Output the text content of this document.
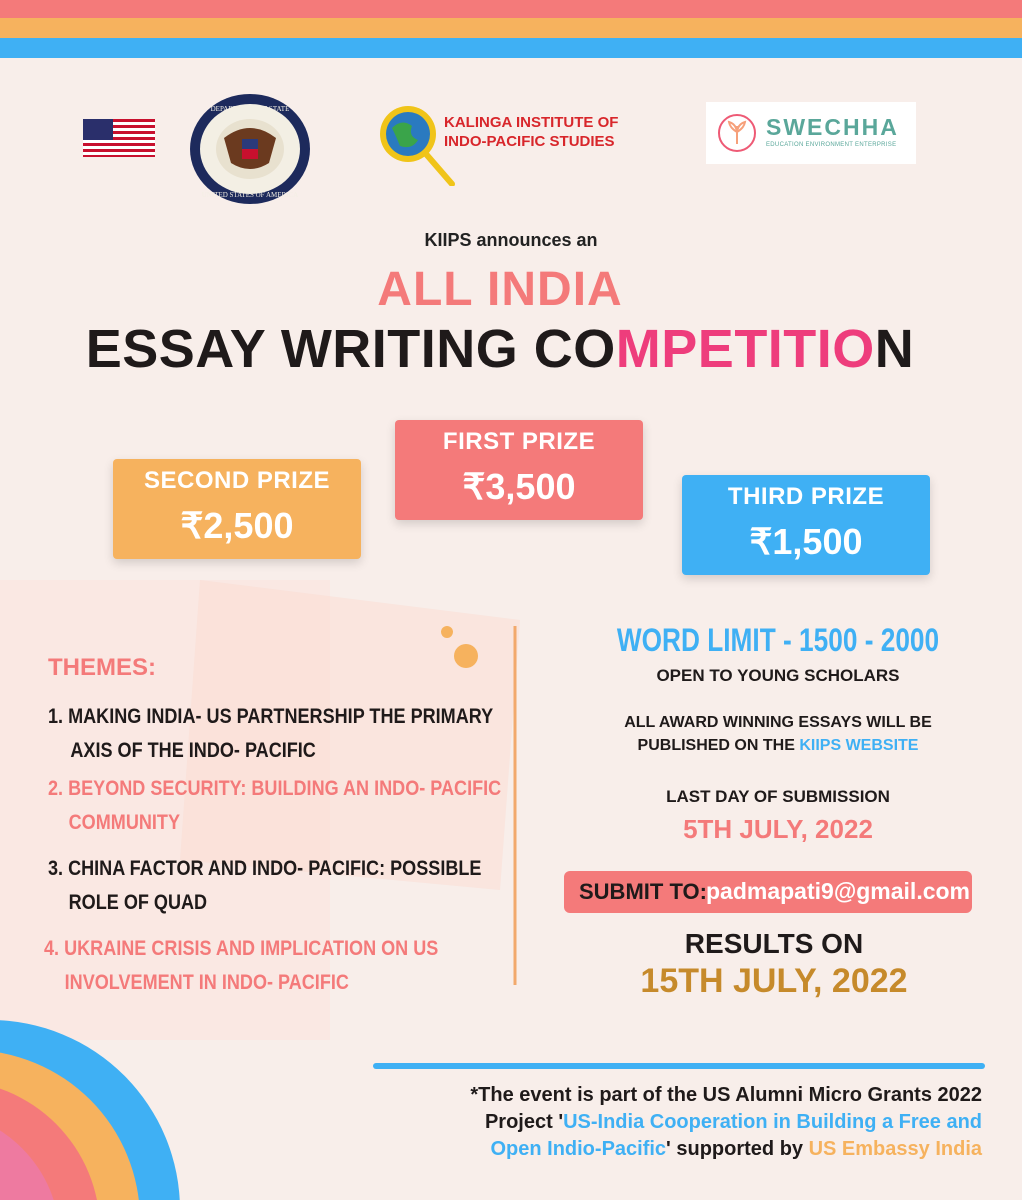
DEPARTMENT OF STATE
UNITED STATES OF AMERICA
KALINGA INSTITUTE OF
INDO-PACIFIC STUDIES
SWECHHA
EDUCATION ENVIRONMENT ENTERPRISE
KIIPS announces an
ALL INDIA
ESSAY WRITING COMPETITION
FIRST PRIZE
₹3,500
SECOND PRIZE
₹2,500
THIRD PRIZE
₹1,500
THEMES:
1. MAKING INDIA- US PARTNERSHIP THE PRIMARY
AXIS OF THE INDO- PACIFIC
2. BEYOND SECURITY: BUILDING AN INDO- PACIFIC
COMMUNITY
3. CHINA FACTOR AND INDO- PACIFIC: POSSIBLE
ROLE OF QUAD
4. UKRAINE CRISIS AND IMPLICATION ON US
INVOLVEMENT IN INDO- PACIFIC
WORD LIMIT - 1500 - 2000
OPEN TO YOUNG SCHOLARS
ALL AWARD WINNING ESSAYS WILL BE
PUBLISHED ON THE KIIPS WEBSITE
LAST DAY OF SUBMISSION
5TH JULY, 2022
SUBMIT TO: padmapati9@gmail.com
RESULTS ON
15TH JULY, 2022
*The event is part of the US Alumni Micro Grants 2022
Project 'US-India Cooperation in Building a Free and
Open Indio-Pacific' supported by US Embassy India
